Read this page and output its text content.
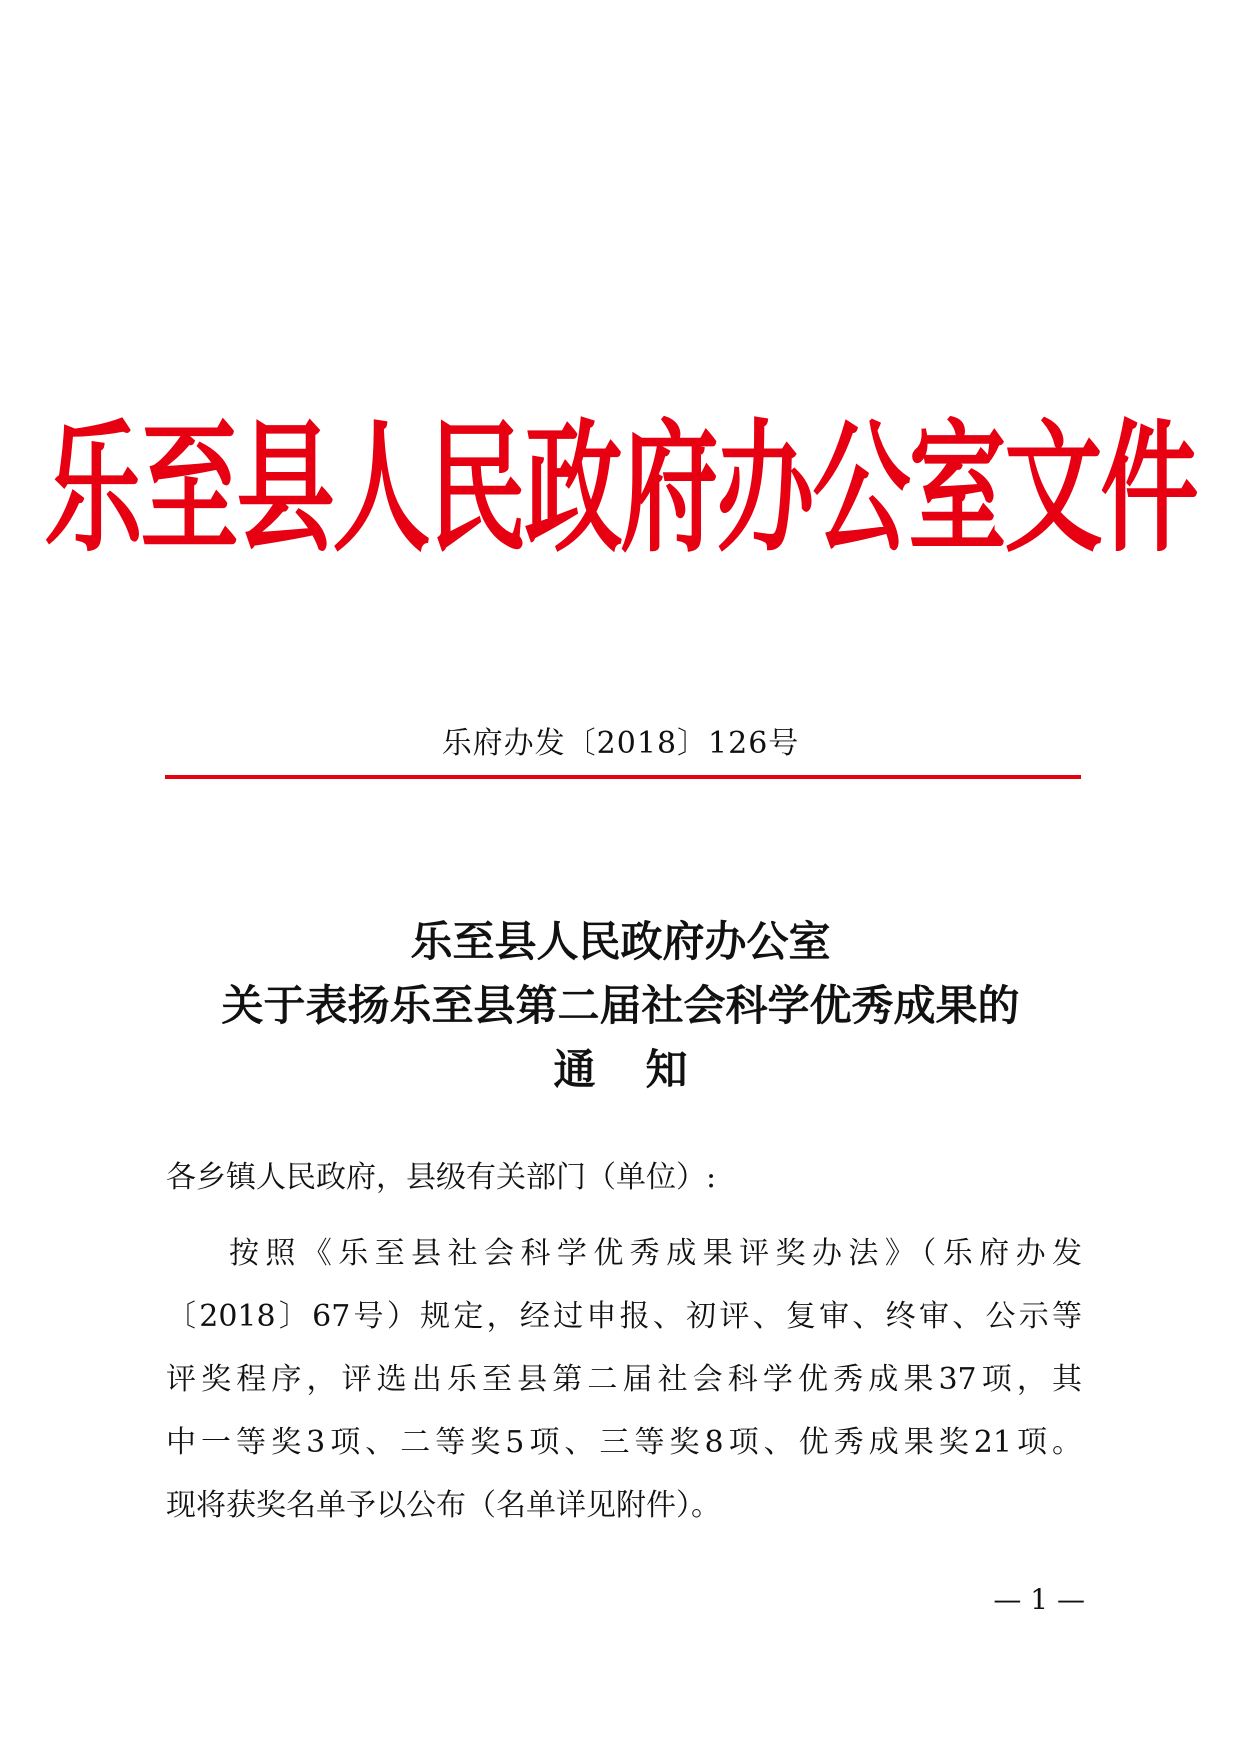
乐至县人民政府办公室文件
乐府办发〔2018〕126号
乐至县人民政府办公室
关于表扬乐至县第二届社会科学优秀成果的
通知
各乡镇人民政府，县级有关部门（单位）:
按照《乐至县社会科学优秀成果评奖办法》（乐府办发
〔2018〕67号）规定，经过申报、初评、复审、终审、公示等
评奖程序，评选出乐至县第二届社会科学优秀成果37项，其
中一等奖3项、二等奖5项、三等奖8项、优秀成果奖21项。
现将获奖名单予以公布（名单详见附件）。
— 1 —
